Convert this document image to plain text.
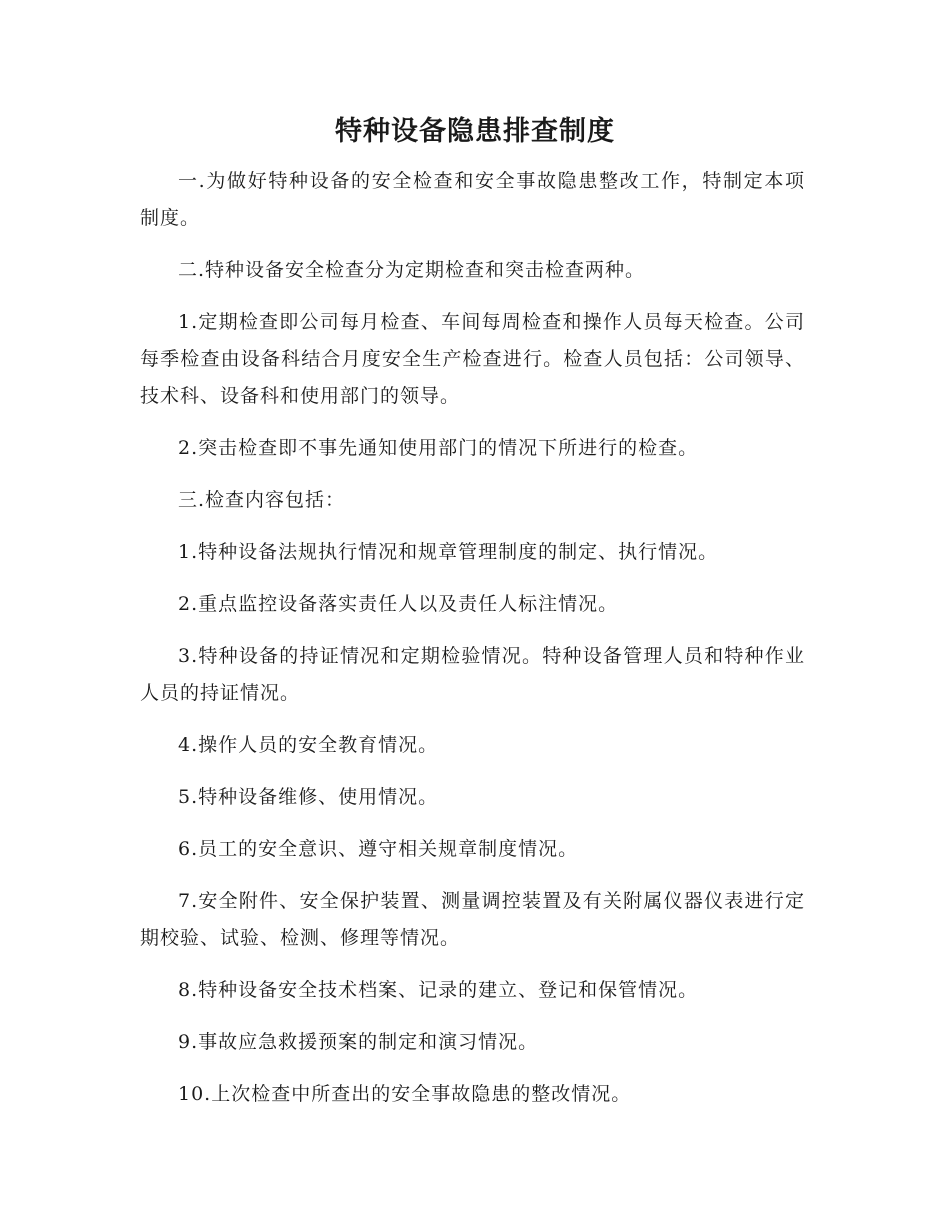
特种设备隐患排查制度

一.为做好特种设备的安全检查和安全事故隐患整改工作，特制定本项制度。

二.特种设备安全检查分为定期检查和突击检查两种。

1.定期检查即公司每月检查、车间每周检查和操作人员每天检查。公司每季检查由设备科结合月度安全生产检查进行。检查人员包括：公司领导、技术科、设备科和使用部门的领导。

2.突击检查即不事先通知使用部门的情况下所进行的检查。

三.检查内容包括：

1.特种设备法规执行情况和规章管理制度的制定、执行情况。

2.重点监控设备落实责任人以及责任人标注情况。

3.特种设备的持证情况和定期检验情况。特种设备管理人员和特种作业人员的持证情况。

4.操作人员的安全教育情况。

5.特种设备维修、使用情况。

6.员工的安全意识、遵守相关规章制度情况。

7.安全附件、安全保护装置、测量调控装置及有关附属仪器仪表进行定期校验、试验、检测、修理等情况。

8.特种设备安全技术档案、记录的建立、登记和保管情况。

9.事故应急救援预案的制定和演习情况。

10.上次检查中所查出的安全事故隐患的整改情况。
